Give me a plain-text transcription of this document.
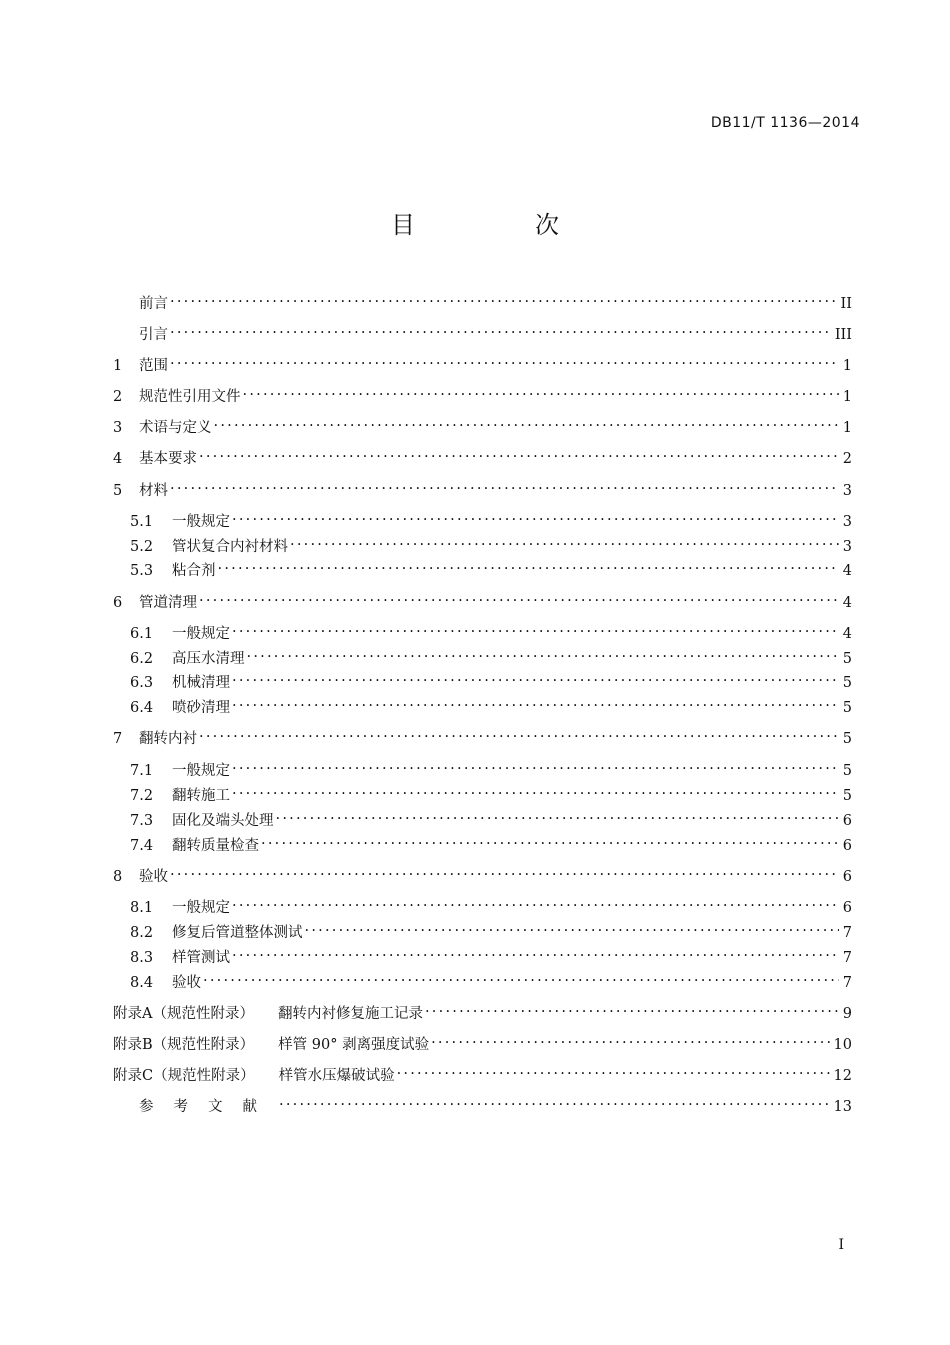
DB11/T 1136—2014
目　次
前言 . . .	II
引言 . . .	III
1	范围 . . .	1
2	规范性引用文件 . . .	1
3	术语与定义 . . .	1
4	基本要求 . . .	2
5	材料 . . .	3
5.1	一般规定 . . .	3
5.2	管状复合内衬材料 . . .	3
5.3	粘合剂 . . .	4
6	管道清理 . . .	4
6.1	一般规定 . . .	4
6.2	高压水清理 . . .	5
6.3	机械清理 . . .	5
6.4	喷砂清理 . . .	5
7	翻转内衬 . . .	5
7.1	一般规定 . . .	5
7.2	翻转施工 . . .	5
7.3	固化及端头处理 . . .	6
7.4	翻转质量检查 . . .	6
8	验收 . . .	6
8.1	一般规定 . . .	6
8.2	修复后管道整体测试 . . .	7
8.3	样管测试 . . .	7
8.4	验收 . . .	7
附录A（规范性附录） 翻转内衬修复施工记录 . . .	9
附录B（规范性附录） 样管 90° 剥离强度试验 . . .	10
附录C（规范性附录） 样管水压爆破试验 . . .	12
参考文献 . . .	13
I
